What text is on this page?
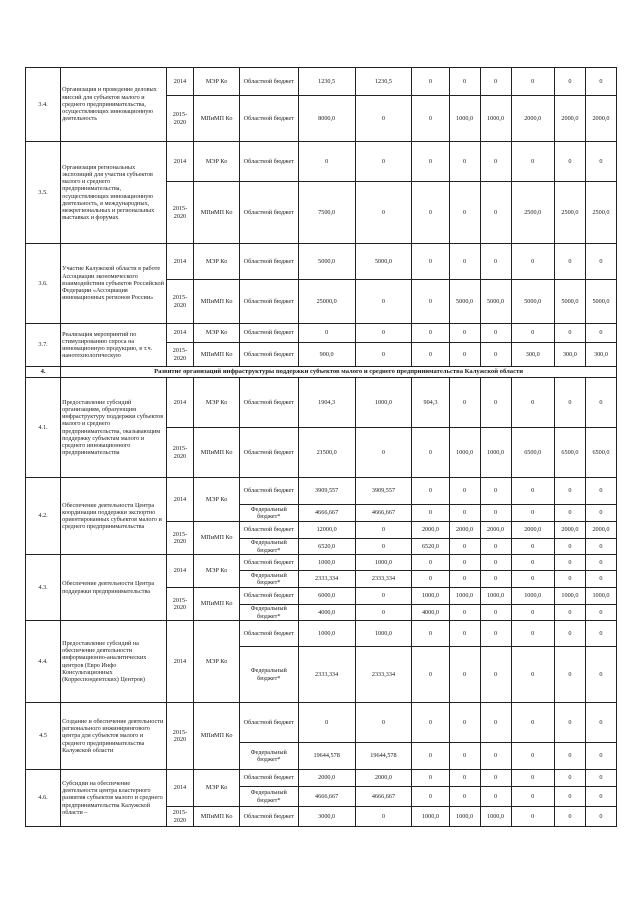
3.4.	Организация и проведение деловых миссий для субъектов малого и среднего предпринимательства, осуществляющих инновационную деятельность	2014	МЭР Ко	Областной бюджет	1230,5	1230,5	0	0	0	0	0	0
		2015-2020	МПиМП Ко	Областной бюджет	8000,0	0	0	1000,0	1000,0	2000,0	2000,0	2000,0
3.5.	Организация региональных экспозиций для участия субъектов малого и среднего предпринимательства, осуществляющих инновационную деятельность, в международных, межрегиональных и региональных выставках и форумах	2014	МЭР Ко	Областной бюджет	0	0	0	0	0	0	0	0
		2015-2020	МПиМП Ко	Областной бюджет	7500,0	0	0	0	0	2500,0	2500,0	2500,0
3.6.	Участие Калужской области в работе Ассоциации экономического взаимодействия субъектов Российской Федерации «Ассоциация инновационных регионов России»	2014	МЭР Ко	Областной бюджет	5000,0	5000,0	0	0	0	0	0	0
		2015-2020	МПиМП Ко	Областной бюджет	25000,0	0	0	5000,0	5000,0	5000,0	5000,0	5000,0
3.7.	Реализация мероприятий по стимулированию спроса на инновационную продукцию, в т.ч. нанотехнологическую	2014	МЭР Ко	Областной бюджет	0	0	0	0	0	0	0	0
		2015-2020	МПиМП Ко	Областной бюджет	900,0	0	0	0	0	300,0	300,0	300,0
4.	Развитие организаций инфраструктуры поддержки субъектов малого и среднего предпринимательства Калужской области											
4.1.	Предоставление субсидий организациям, образующим инфраструктуру поддержки субъектов малого и среднего предпринимательства, оказывающим поддержку субъектам малого и среднего инновационного предпринимательства	2014	МЭР Ко	Областной бюджет	1904,3	1000,0	904,3	0	0	0	0	0
		2015-2020	МПиМП Ко	Областной бюджет	21500,0	0	0	1000,0	1000,0	6500,0	6500,0	6500,0
4.2.	Обеспечение деятельности Центра координации поддержки экспортно ориентированных субъектов малого и среднего предпринимательства	2014	МЭР Ко	Областной бюджет	3909,557	3909,557	0	0	0	0	0	0
				Федеральный бюджет*	4666,667	4666,667	0	0	0	0	0	0
		2015-2020	МПиМП Ко	Областной бюджет	12000,0	0	2000,0	2000,0	2000,0	2000,0	2000,0	2000,0
				Федеральный бюджет*	6520,0	0	6520,0	0	0	0	0	0
4.3.	Обеспечение деятельности Центра поддержки предпринимательства	2014	МЭР Ко	Областной бюджет	1000,0	1000,0	0	0	0	0	0	0
				Федеральный бюджет*	2333,334	2333,334	0	0	0	0	0	0
		2015-2020	МПиМП Ко	Областной бюджет	6000,0	0	1000,0	1000,0	1000,0	1000,0	1000,0	1000,0
				Федеральный бюджет*	4000,0	0	4000,0	0	0	0	0	0
4.4.	Предоставление субсидий на обеспечение деятельности информационно-аналитических центров (Евро Инфо Консультационных (Корреспондентских) Центров)	2014	МЭР Ко	Областной бюджет	1000,0	1000,0	0	0	0	0	0	0
				Федеральный бюджет*	2333,334	2333,334	0	0	0	0	0	0
4.5	Создание и обеспечение деятельности регионального инжинирингового центра для субъектов малого и среднего предпринимательства Калужской области	2015-2020	МПиМП Ко	Областной бюджет	0	0	0	0	0	0	0	0
				Федеральный бюджет*	19644,578	19644,578	0	0	0	0	0	0
4.6.	Субсидии на обеспечение деятельности центра кластерного развития субъектов малого и среднего предпринимательства Калужской области –	2014	МЭР Ко	Областной бюджет	2000,0	2000,0	0	0	0	0	0	0
				Федеральный бюджет*	4666,667	4666,667	0	0	0	0	0	0
		2015-2020	МПиМП Ко	Областной бюджет	3000,0	0	1000,0	1000,0	1000,0	0	0	0
